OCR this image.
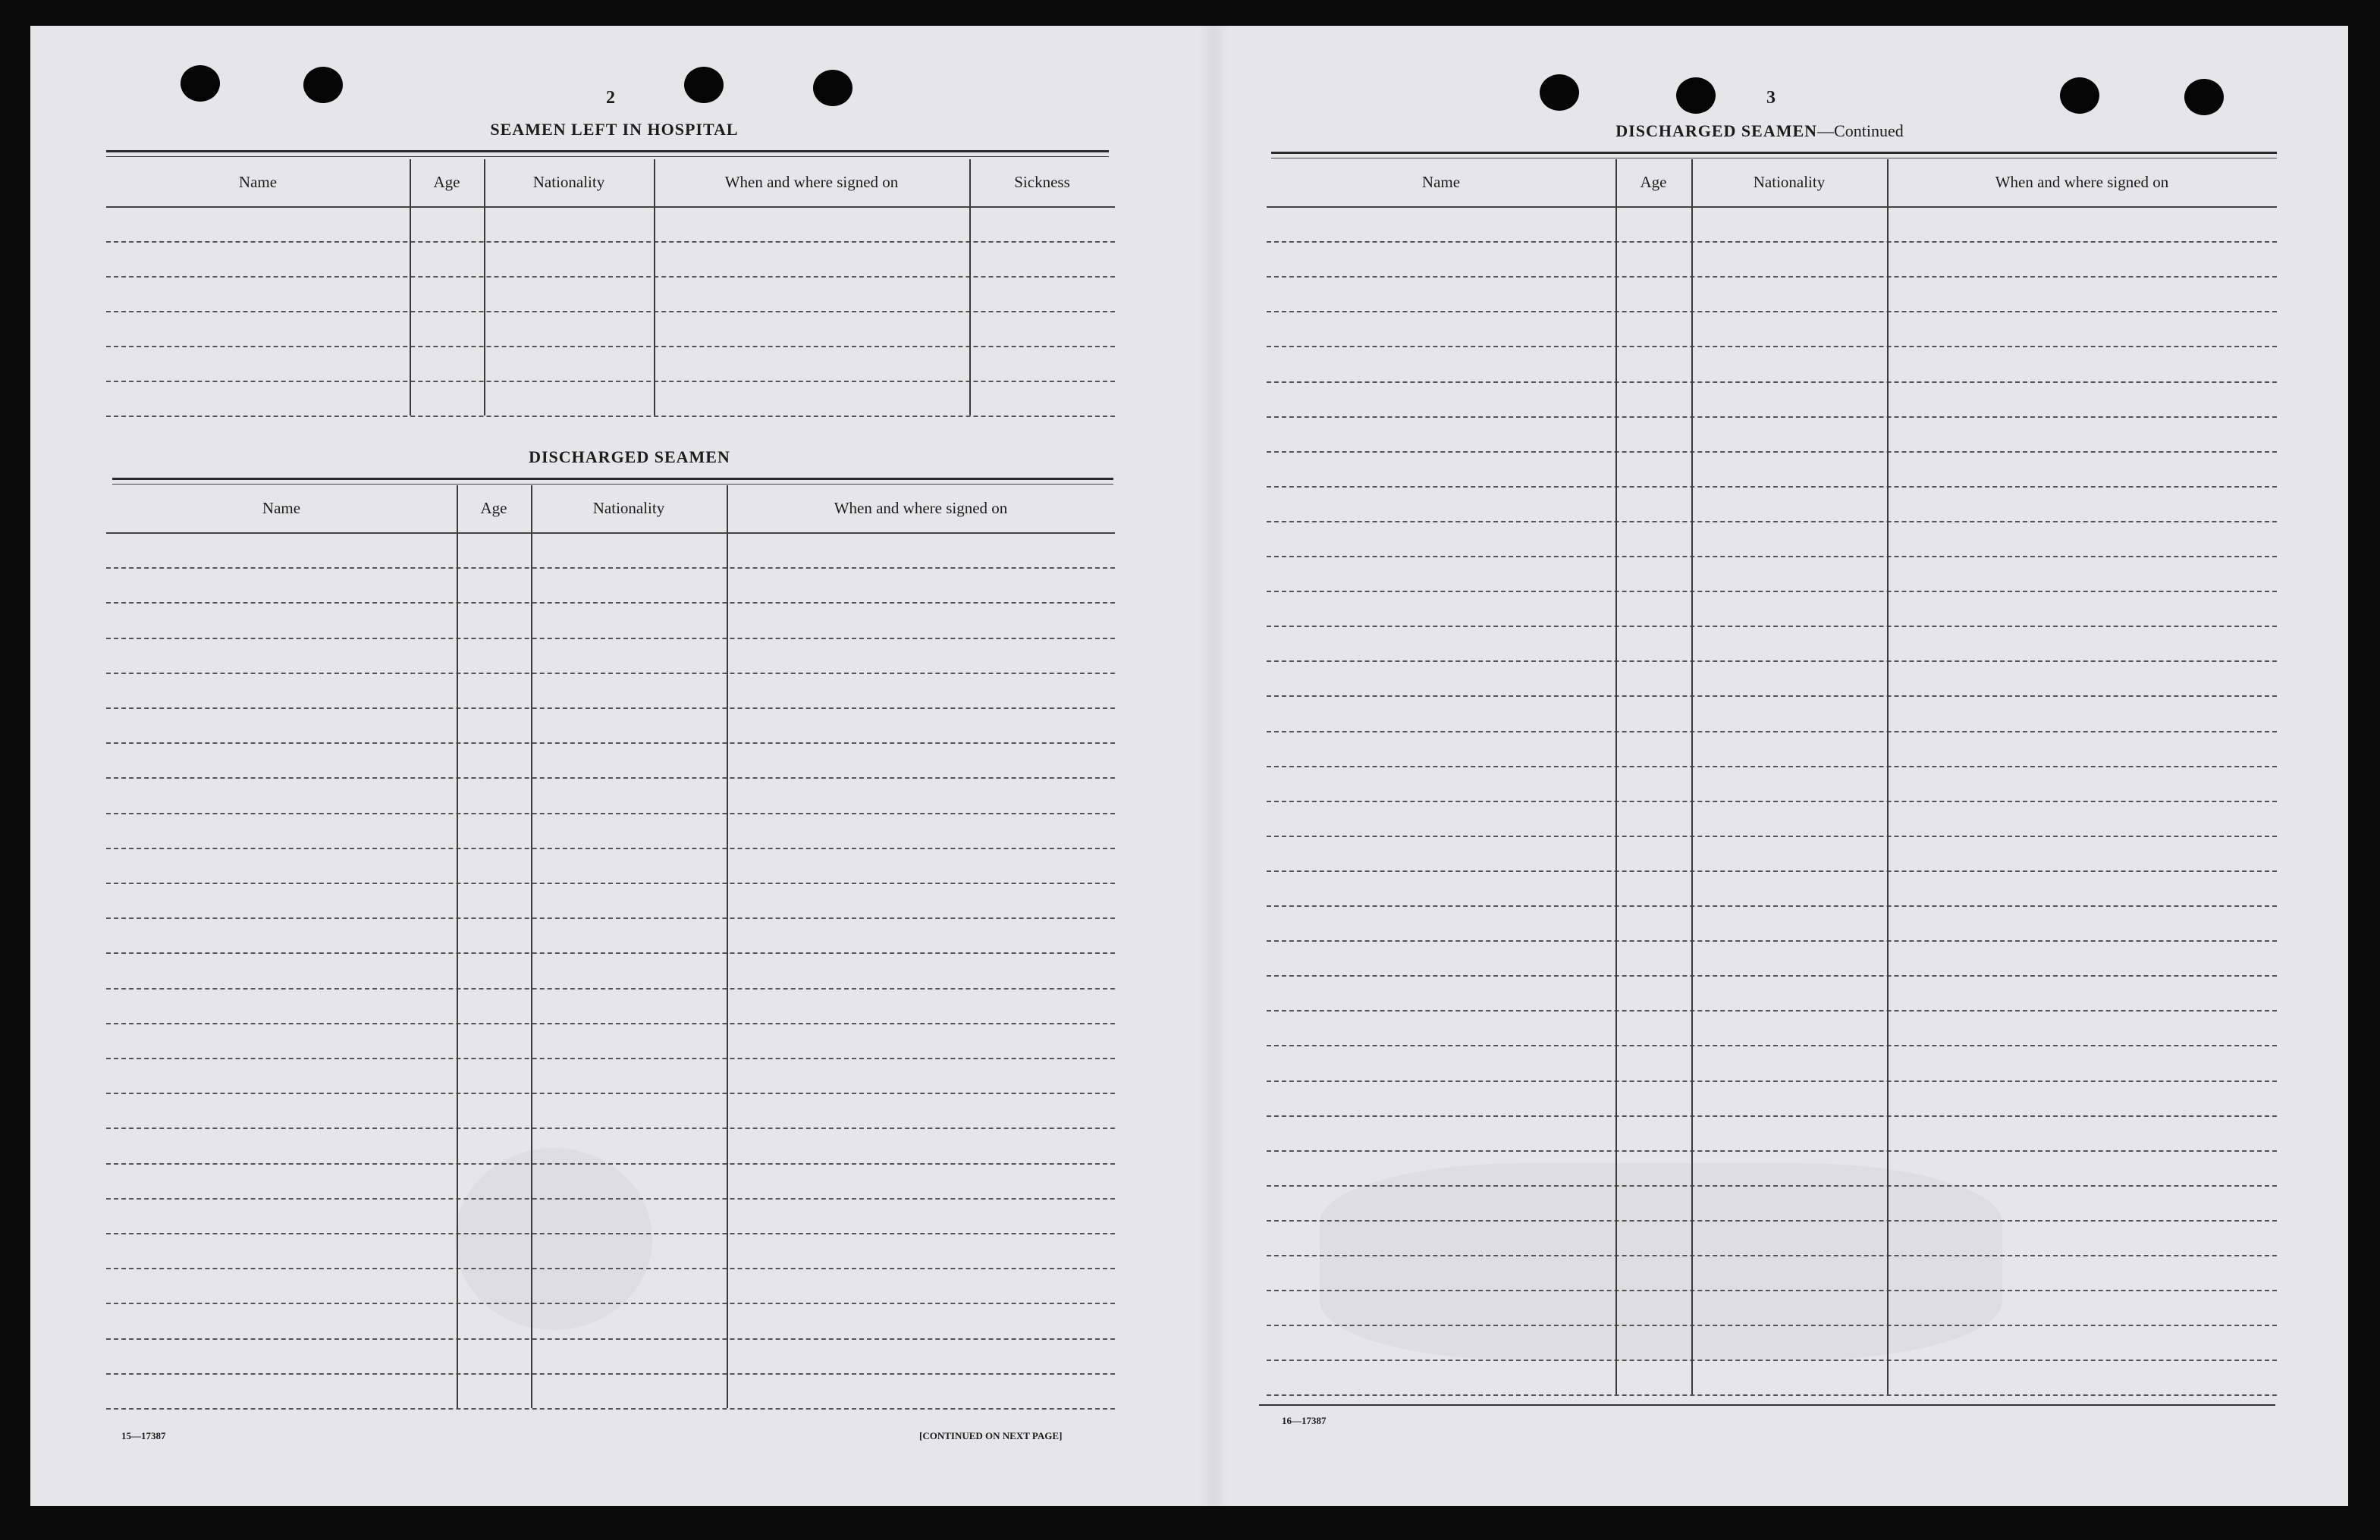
2
SEAMEN LEFT IN HOSPITAL
DISCHARGED SEAMEN
15—17387	[CONTINUED ON NEXT PAGE]
3
DISCHARGED SEAMEN—Continued
16—17387
Name	Age	Nationality	When and where signed on	Sickness
Name	Age	Nationality	When and where signed on
Name	Age	Nationality	When and where signed on
